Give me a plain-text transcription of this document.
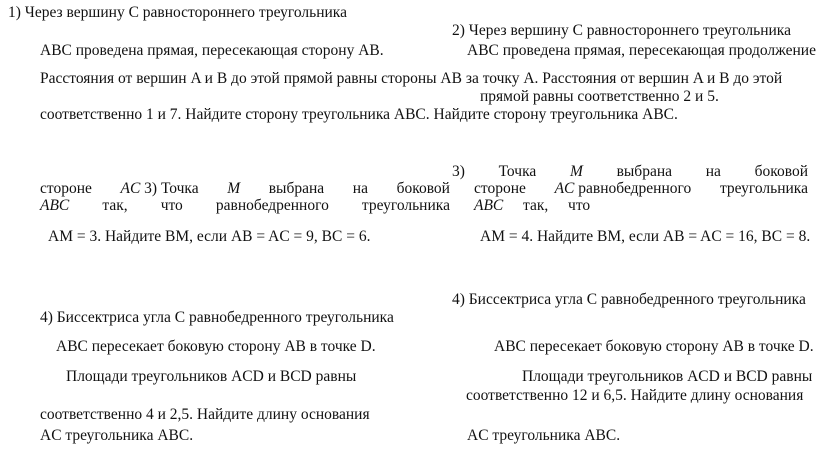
1) Через вершину С равностороннего треугольника
ABC проведена прямая, пересекающая сторону AB.
2) Через вершину С равностороннего треугольника
ABC проведена прямая, пересекающая продолжение
Расстояния от вершин A и B до этой прямой равны стороны AB за точку A. Расстояния от вершин A и B до этой
прямой равны соответственно 2 и 5.
соответственно 1 и 7. Найдите сторону треугольника ABC. Найдите сторону треугольника ABC.
3) Точка M выбрана на боковой
стороне AC 3) Точка M выбрана на боковой стороне AC равнобедренного треугольника
ABC так, что равнобедренного треугольника ABC так, что
AM = 3. Найдите BM, если AB = AC = 9, BC = 6.	AM = 4. Найдите BM, если AB = AC = 16, BC = 8.
4) Биссектриса угла C равнобедренного треугольника
4) Биссектриса угла C равнобедренного треугольника
ABC пересекает боковую сторону AB в точке D.	ABC пересекает боковую сторону AB в точке D.
Площади треугольников ACD и BCD равны	Площади треугольников ACD и BCD равны
соответственно 12 и 6,5. Найдите длину основания
соответственно 4 и 2,5. Найдите длину основания
AC треугольника ABC.	AC треугольника ABC.
